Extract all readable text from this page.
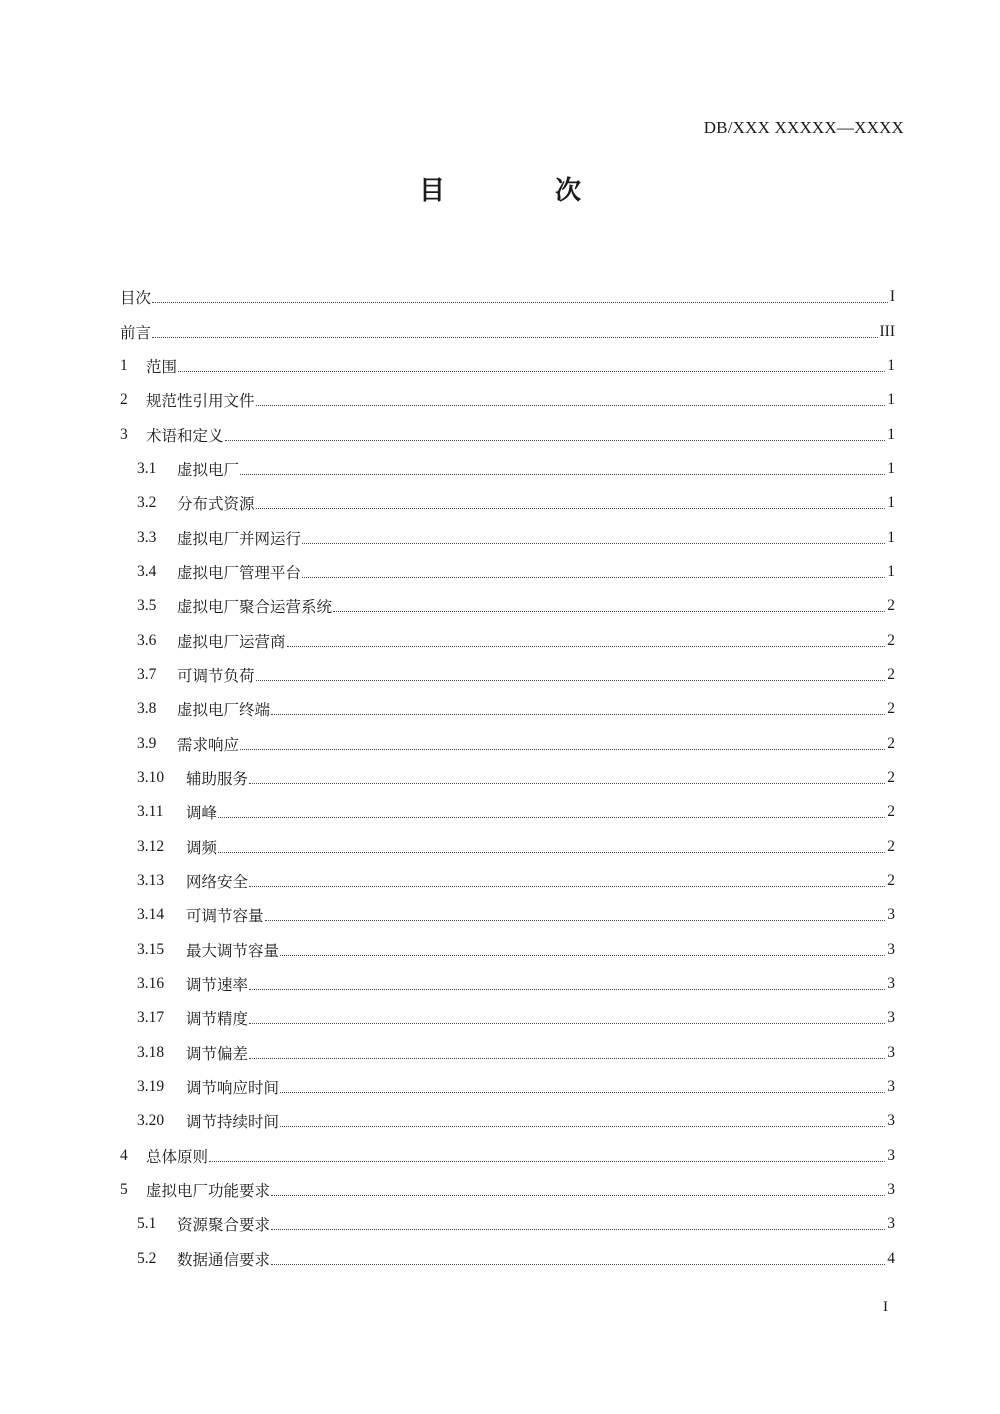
DB/XXX XXXXX—XXXX
目	次
目次	I
前言	III
1	范围	1
2	规范性引用文件	1
3	术语和定义	1
3.1	虚拟电厂	1
3.2	分布式资源	1
3.3	虚拟电厂并网运行	1
3.4	虚拟电厂管理平台	1
3.5	虚拟电厂聚合运营系统	2
3.6	虚拟电厂运营商	2
3.7	可调节负荷	2
3.8	虚拟电厂终端	2
3.9	需求响应	2
3.10	辅助服务	2
3.11	调峰	2
3.12	调频	2
3.13	网络安全	2
3.14	可调节容量	3
3.15	最大调节容量	3
3.16	调节速率	3
3.17	调节精度	3
3.18	调节偏差	3
3.19	调节响应时间	3
3.20	调节持续时间	3
4	总体原则	3
5	虚拟电厂功能要求	3
5.1	资源聚合要求	3
5.2	数据通信要求	4
I
